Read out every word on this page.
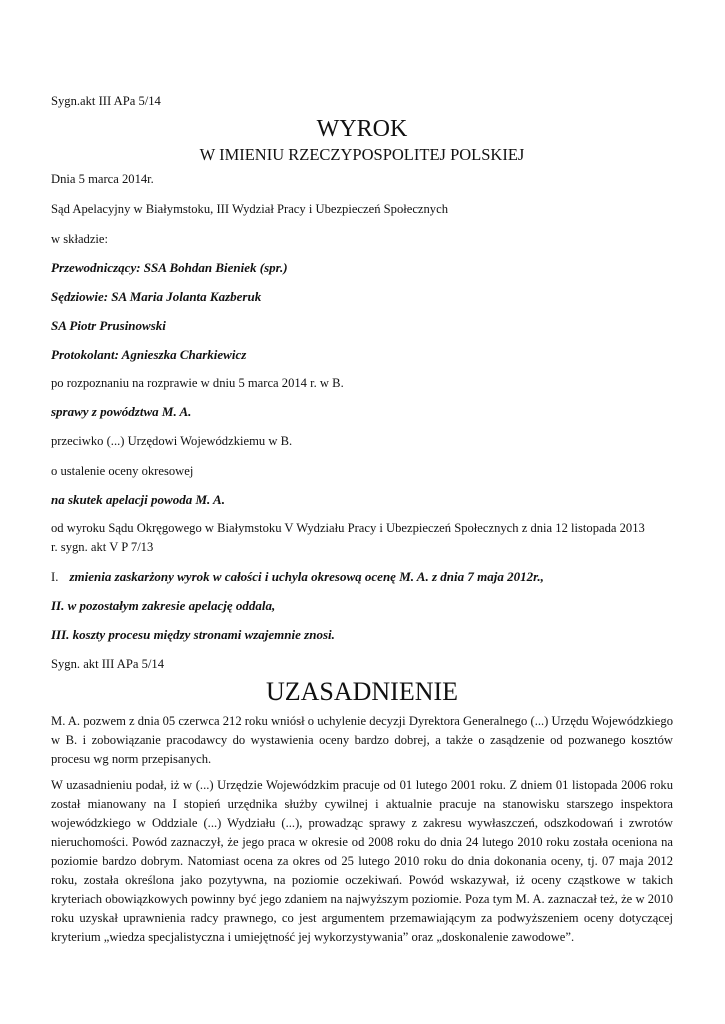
Sygn.akt III APa 5/14
WYROK
W IMIENIU RZECZYPOSPOLITEJ POLSKIEJ
Dnia 5 marca 2014r.
Sąd Apelacyjny w Białymstoku, III Wydział Pracy i Ubezpieczeń Społecznych
w składzie:
Przewodniczący: SSA Bohdan Bieniek (spr.)
Sędziowie: SA Maria Jolanta Kazberuk
SA Piotr Prusinowski
Protokolant: Agnieszka Charkiewicz
po rozpoznaniu na rozprawie w dniu 5 marca 2014 r. w B.
sprawy z powództwa M. A.
przeciwko (...) Urzędowi Wojewódzkiemu w B.
o ustalenie oceny okresowej
na skutek apelacji powoda M. A.
od wyroku Sądu Okręgowego w Białymstoku V Wydziału Pracy i Ubezpieczeń Społecznych z dnia 12 listopada 2013
r. sygn. akt V P 7/13
I. zmienia zaskarżony wyrok w całości i uchyla okresową ocenę M. A. z dnia 7 maja 2012r.,
II. w pozostałym zakresie apelację oddala,
III. koszty procesu między stronami wzajemnie znosi.
Sygn. akt III APa 5/14
UZASADNIENIE
M. A. pozwem z dnia 05 czerwca 212 roku wniósł o uchylenie decyzji Dyrektora Generalnego (...) Urzędu Wojewódzkiego w B. i zobowiązanie pracodawcy do wystawienia oceny bardzo dobrej, a także o zasądzenie od pozwanego kosztów procesu wg norm przepisanych.
W uzasadnieniu podał, iż w (...) Urzędzie Wojewódzkim pracuje od 01 lutego 2001 roku. Z dniem 01 listopada 2006 roku został mianowany na I stopień urzędnika służby cywilnej i aktualnie pracuje na stanowisku starszego inspektora wojewódzkiego w Oddziale (...) Wydziału (...), prowadząc sprawy z zakresu wywłaszczeń, odszkodowań i zwrotów nieruchomości. Powód zaznaczył, że jego praca w okresie od 2008 roku do dnia 24 lutego 2010 roku została oceniona na poziomie bardzo dobrym. Natomiast ocena za okres od 25 lutego 2010 roku do dnia dokonania oceny, tj. 07 maja 2012 roku, została określona jako pozytywna, na poziomie oczekiwań. Powód wskazywał, iż oceny cząstkowe w takich kryteriach obowiązkowych powinny być jego zdaniem na najwyższym poziomie. Poza tym M. A. zaznaczał też, że w 2010 roku uzyskał uprawnienia radcy prawnego, co jest argumentem przemawiającym za podwyższeniem oceny dotyczącej kryterium „wiedza specjalistyczna i umiejętność jej wykorzystywania” oraz „doskonalenie zawodowe”.
